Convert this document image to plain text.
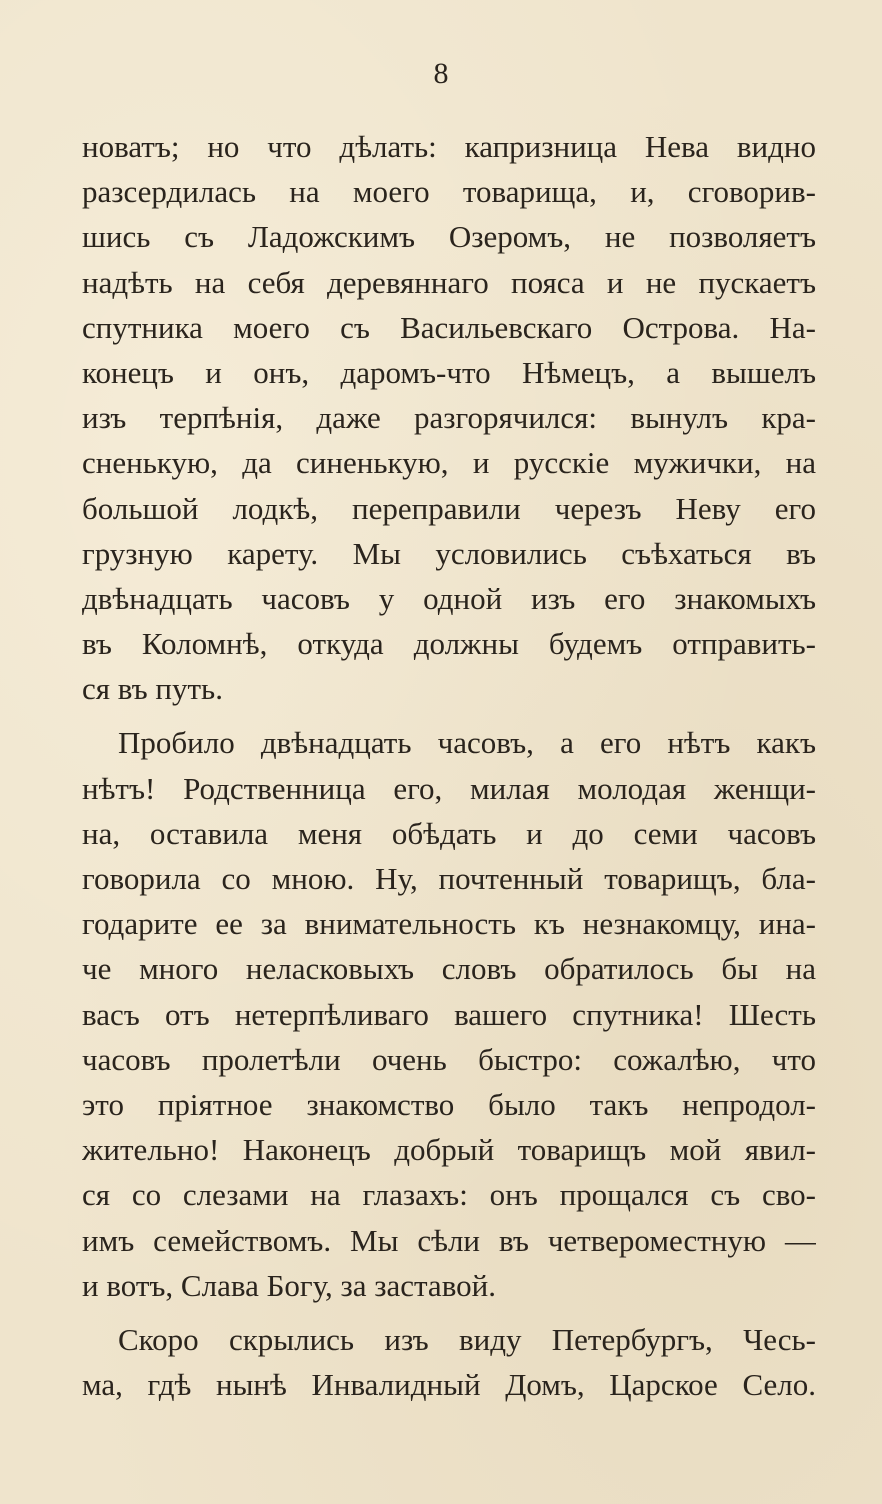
8
новатъ; но что дѣлать: капризница Нева видно
разсердилась на моего товарища, и, сговорив-
шись съ Ладожскимъ Озеромъ, не позволяетъ
надѣть на себя деревяннаго пояса и не пускаетъ
спутника моего съ Васильевскаго Острова. На-
конецъ и онъ, даромъ-что Нѣмецъ, а вышелъ
изъ терпѣнія, даже разгорячился: вынулъ кра-
сненькую, да синенькую, и русскіе мужички, на
большой лодкѣ, переправили черезъ Неву его
грузную карету. Мы условились съѣхаться въ
двѣнадцать часовъ у одной изъ его знакомыхъ
въ Коломнѣ, откуда должны будемъ отправить-
ся въ путь.
Пробило двѣнадцать часовъ, а его нѣтъ какъ
нѣтъ! Родственница его, милая молодая женщи-
на, оставила меня обѣдать и до семи часовъ
говорила со мною. Ну, почтенный товарищъ, бла-
годарите ее за внимательность къ незнакомцу, ина-
че много неласковыхъ словъ обратилось бы на
васъ отъ нетерпѣливаго вашего спутника! Шесть
часовъ пролетѣли очень быстро: сожалѣю, что
это пріятное знакомство было такъ непродол-
жительно! Наконецъ добрый товарищъ мой явил-
ся со слезами на глазахъ: онъ прощался съ сво-
имъ семействомъ. Мы сѣли въ четвероместную —
и вотъ, Слава Богу, за заставой.
Скоро скрылись изъ виду Петербургъ, Чесь-
ма, гдѣ нынѣ Инвалидный Домъ, Царское Село.
